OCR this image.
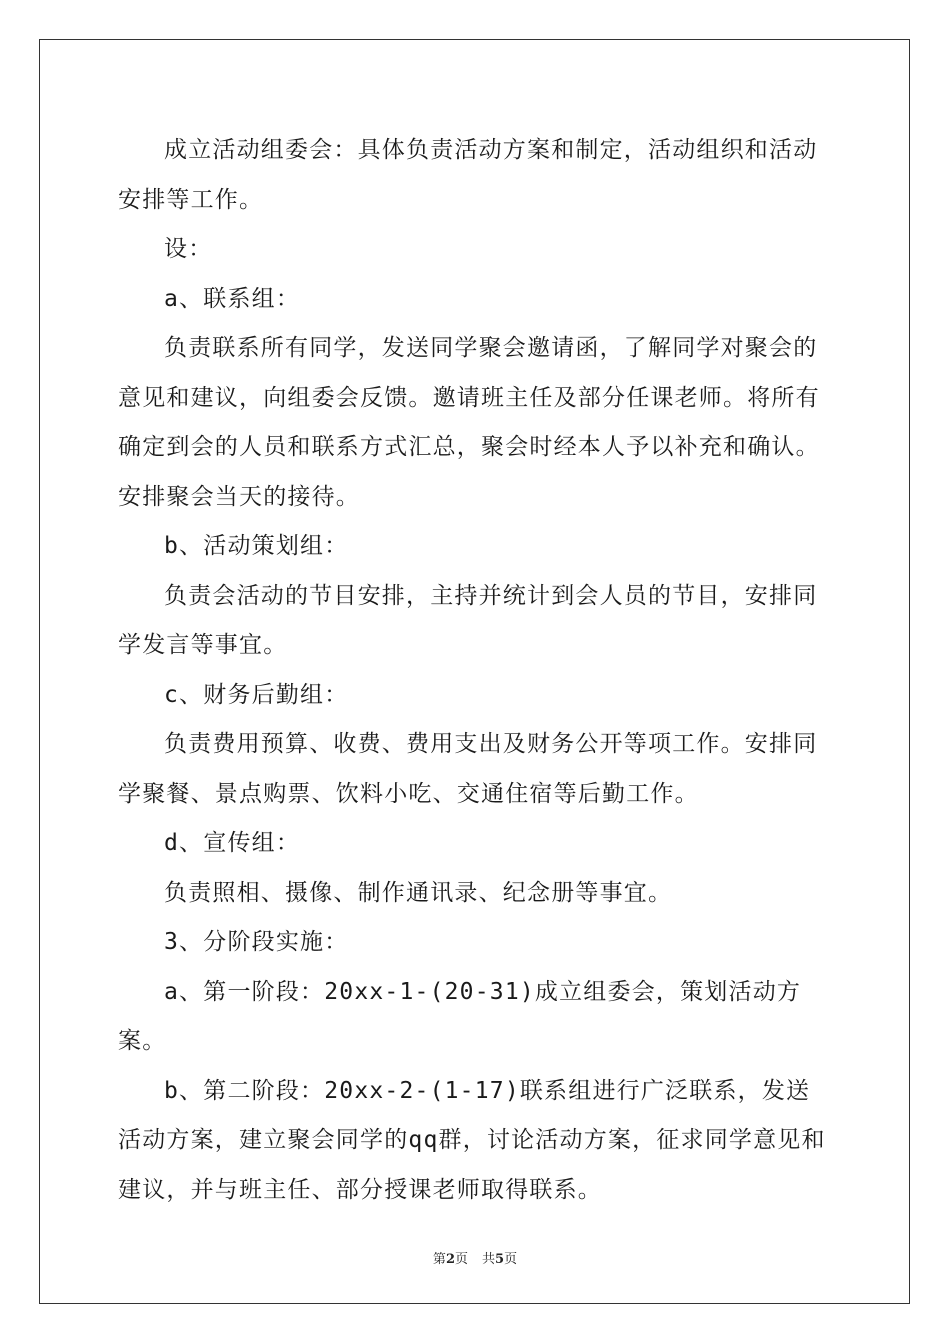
成立活动组委会：具体负责活动方案和制定，活动组织和活动安排等工作。

设：

a、联系组：

负责联系所有同学，发送同学聚会邀请函，了解同学对聚会的意见和建议，向组委会反馈。邀请班主任及部分任课老师。将所有确定到会的人员和联系方式汇总，聚会时经本人予以补充和确认。安排聚会当天的接待。

b、活动策划组：

负责会活动的节目安排，主持并统计到会人员的节目，安排同学发言等事宜。

c、财务后勤组：

负责费用预算、收费、费用支出及财务公开等项工作。安排同学聚餐、景点购票、饮料小吃、交通住宿等后勤工作。

d、宣传组：

负责照相、摄像、制作通讯录、纪念册等事宜。

3、分阶段实施：

a、第一阶段：20xx-1-(20-31)成立组委会，策划活动方案。

b、第二阶段：20xx-2-(1-17)联系组进行广泛联系，发送活动方案，建立聚会同学的qq群，讨论活动方案，征求同学意见和建议，并与班主任、部分授课老师取得联系。

第2页 共5页
